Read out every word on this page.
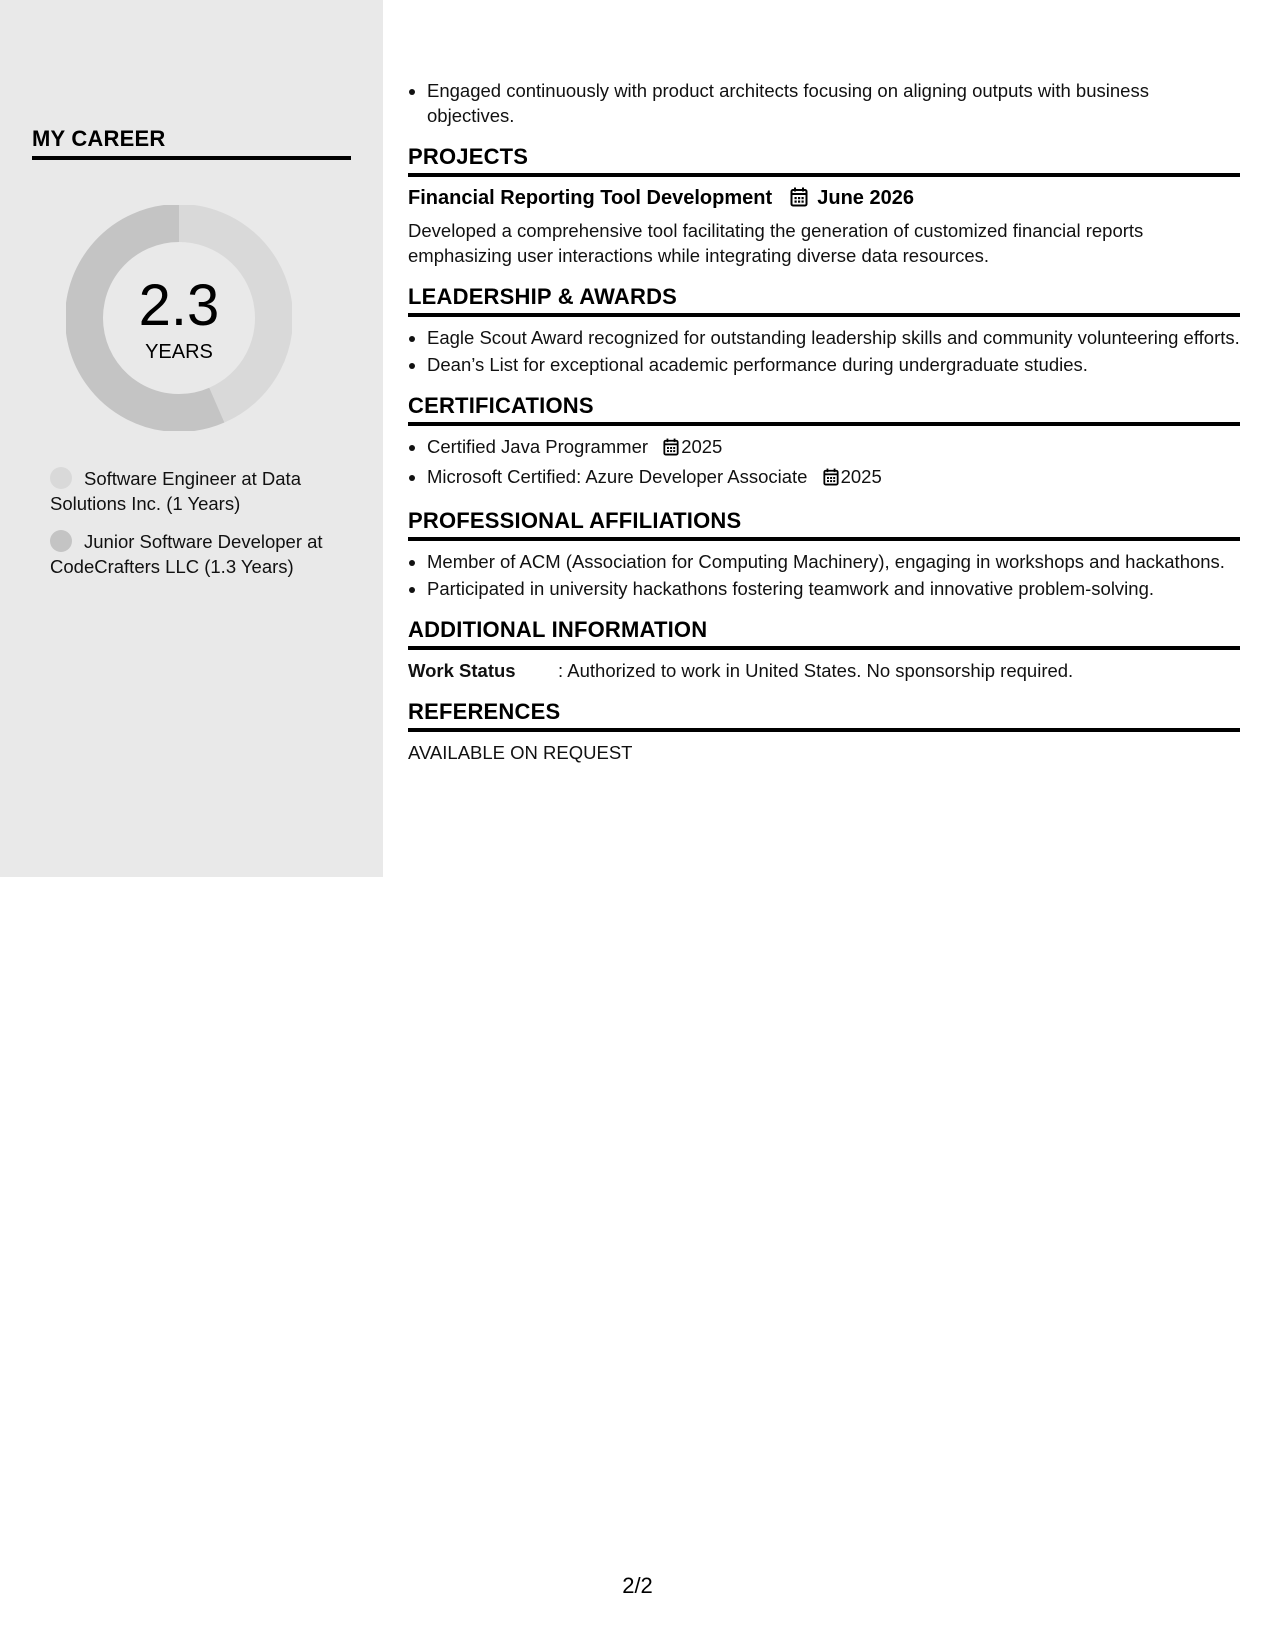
MY CAREER
2.3
YEARS
Software Engineer at Data Solutions Inc. (1 Years)
Junior Software Developer at CodeCrafters LLC (1.3 Years)
• Engaged continuously with product architects focusing on aligning outputs with business objectives.
PROJECTS
Financial Reporting Tool Development June 2026
Developed a comprehensive tool facilitating the generation of customized financial reports emphasizing user interactions while integrating diverse data resources.
LEADERSHIP & AWARDS
• Eagle Scout Award recognized for outstanding leadership skills and community volunteering efforts.
• Dean’s List for exceptional academic performance during undergraduate studies.
CERTIFICATIONS
• Certified Java Programmer 2025
• Microsoft Certified: Azure Developer Associate 2025
PROFESSIONAL AFFILIATIONS
• Member of ACM (Association for Computing Machinery), engaging in workshops and hackathons.
• Participated in university hackathons fostering teamwork and innovative problem-solving.
ADDITIONAL INFORMATION
Work Status : Authorized to work in United States. No sponsorship required.
REFERENCES
AVAILABLE ON REQUEST
2/2
